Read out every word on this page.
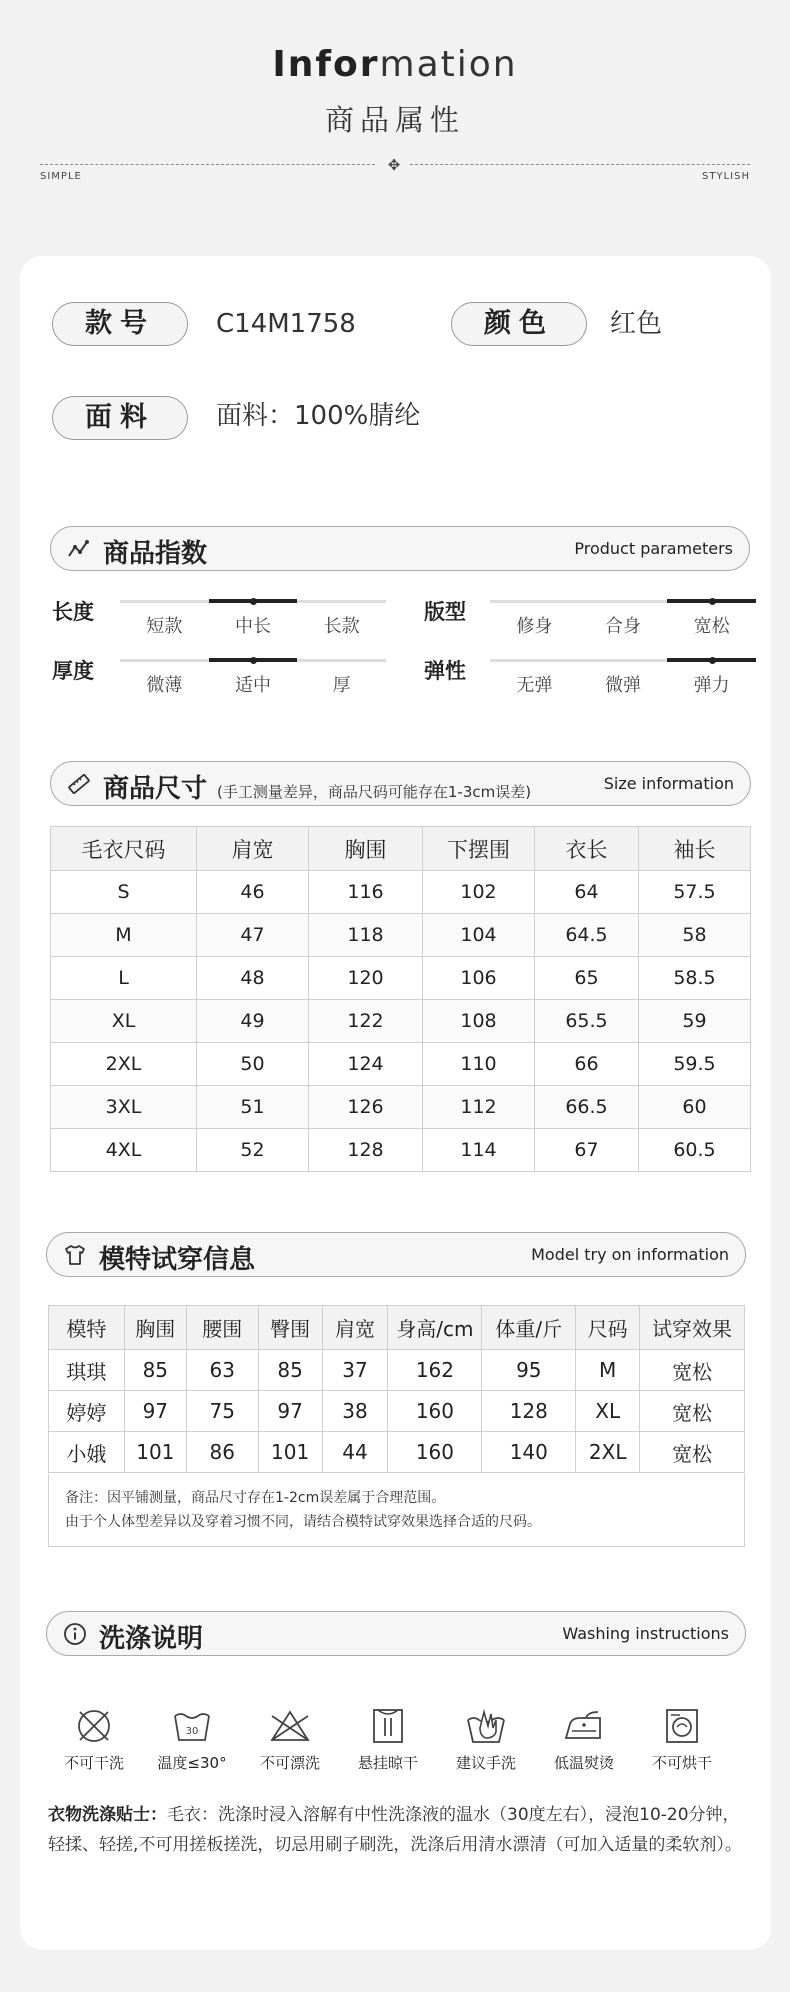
Information
商品属性
✥
SIMPLE	STYLISH
款号	C14M1758	颜色	红色
面料	面料：100%腈纶
商品指数	Product parameters
商品尺寸 (手工测量差异，商品尺码可能存在1-3cm误差)	Size information
毛衣尺码	肩宽	胸围	下摆围	衣长	袖长
S	46	116	102	64	57.5
M	47	118	104	64.5	58
L	48	120	106	65	58.5
XL	49	122	108	65.5	59
2XL	50	124	110	66	59.5
3XL	51	126	112	66.5	60
4XL	52	128	114	67	60.5
模特试穿信息	Model try on information
模特	胸围	腰围	臀围	肩宽	身高/cm	体重/斤	尺码	试穿效果
琪琪	85	63	85	37	162	95	M	宽松
婷婷	97	75	97	38	160	128	XL	宽松
小娥	101	86	101	44	160	140	2XL	宽松
备注：因平铺测量，商品尺寸存在1-2cm误差属于合理范围。
由于个人体型差异以及穿着习惯不同，请结合模特试穿效果选择合适的尺码。
洗涤说明	Washing instructions
不可干洗
30
温度≤30°	不可漂洗	悬挂晾干	建议手洗	低温熨烫	不可烘干
衣物洗涤贴士：毛衣：洗涤时浸入溶解有中性洗涤液的温水（30度左右），浸泡10-20分钟，轻揉、轻搓,不可用搓板搓洗，切忌用刷子刷洗，洗涤后用清水漂清（可加入适量的柔软剂）。
长度
短款	中长	长款
版型
修身	合身	宽松
厚度
微薄	适中	厚
弹性
无弹	微弹	弹力
